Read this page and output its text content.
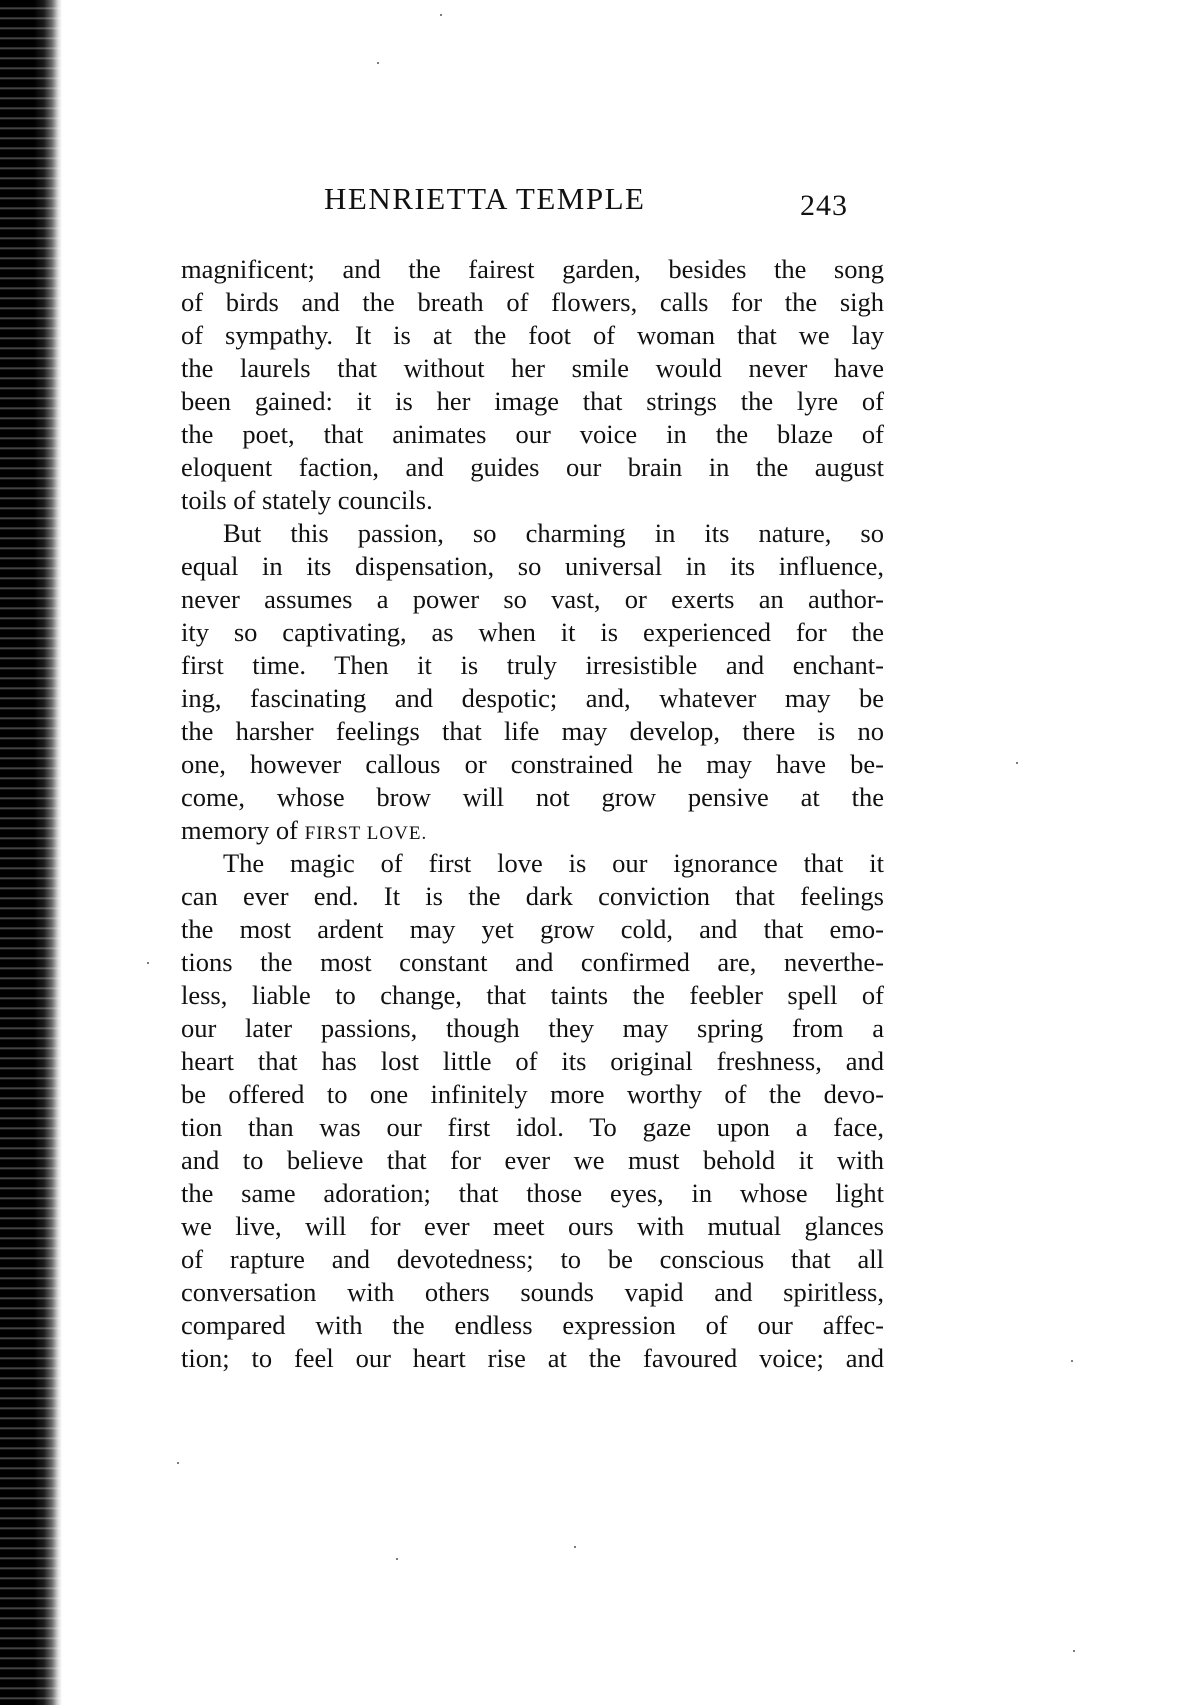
HENRIETTA TEMPLE	243
magnificent; and the fairest garden, besides the song
of birds and the breath of flowers, calls for the sigh
of sympathy. It is at the foot of woman that we lay
the laurels that without her smile would never have
been gained: it is her image that strings the lyre of
the poet, that animates our voice in the blaze of
eloquent faction, and guides our brain in the august
toils of stately councils.
But this passion, so charming in its nature, so
equal in its dispensation, so universal in its influence,
never assumes a power so vast, or exerts an author-
ity so captivating, as when it is experienced for the
first time. Then it is truly irresistible and enchant-
ing, fascinating and despotic; and, whatever may be
the harsher feelings that life may develop, there is no
one, however callous or constrained he may have be-
come, whose brow will not grow pensive at the
memory of FIRST LOVE.
The magic of first love is our ignorance that it
can ever end. It is the dark conviction that feelings
the most ardent may yet grow cold, and that emo-
tions the most constant and confirmed are, neverthe-
less, liable to change, that taints the feebler spell of
our later passions, though they may spring from a
heart that has lost little of its original freshness, and
be offered to one infinitely more worthy of the devo-
tion than was our first idol. To gaze upon a face,
and to believe that for ever we must behold it with
the same adoration; that those eyes, in whose light
we live, will for ever meet ours with mutual glances
of rapture and devotedness; to be conscious that all
conversation with others sounds vapid and spiritless,
compared with the endless expression of our affec-
tion; to feel our heart rise at the favoured voice; and
